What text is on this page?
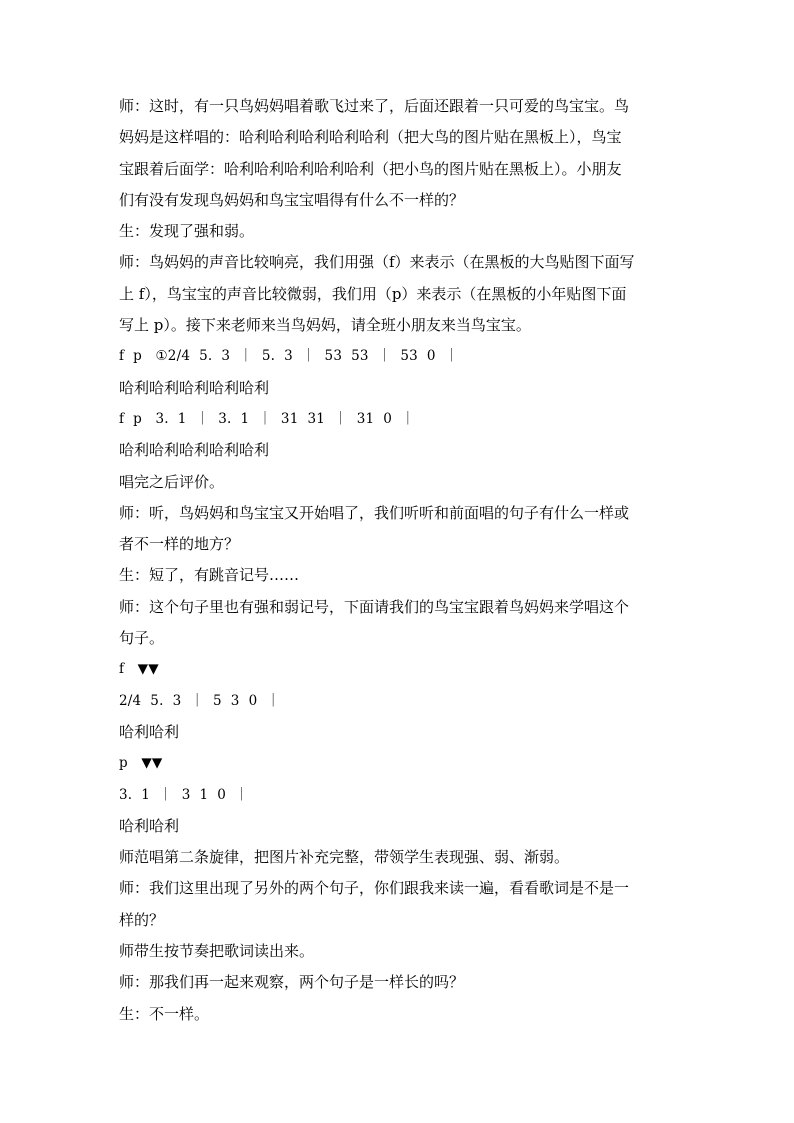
师：这时，有一只鸟妈妈唱着歌飞过来了，后面还跟着一只可爱的鸟宝宝。鸟
妈妈是这样唱的：哈利哈利哈利哈利哈利（把大鸟的图片贴在黑板上），鸟宝
宝跟着后面学：哈利哈利哈利哈利哈利（把小鸟的图片贴在黑板上）。小朋友
们有没有发现鸟妈妈和鸟宝宝唱得有什么不一样的？
生：发现了强和弱。
师：鸟妈妈的声音比较响亮，我们用强（f）来表示（在黑板的大鸟贴图下面写
上 f），鸟宝宝的声音比较微弱，我们用（p）来表示（在黑板的小年贴图下面
写上 p）。接下来老师来当鸟妈妈，请全班小朋友来当鸟宝宝。
f  p   ①2/4  5.  3  ｜  5.  3  ｜  53  53  ｜  53  0  ｜
哈利哈利哈利哈利哈利
f  p   3.  1  ｜  3.  1  ｜  31  31  ｜  31  0  ｜
哈利哈利哈利哈利哈利
唱完之后评价。
师：听，鸟妈妈和鸟宝宝又开始唱了，我们听听和前面唱的句子有什么一样或
者不一样的地方？
生：短了，有跳音记号……
师：这个句子里也有强和弱记号，下面请我们的鸟宝宝跟着鸟妈妈来学唱这个
句子。
f   ▼▼
2/4  5.  3  ｜  5  3  0  ｜
哈利哈利
p   ▼▼
3.  1  ｜  3  1  0  ｜
哈利哈利
师范唱第二条旋律，把图片补充完整，带领学生表现强、弱、渐弱。
师：我们这里出现了另外的两个句子，你们跟我来读一遍，看看歌词是不是一
样的？
师带生按节奏把歌词读出来。
师：那我们再一起来观察，两个句子是一样长的吗？
生：不一样。
